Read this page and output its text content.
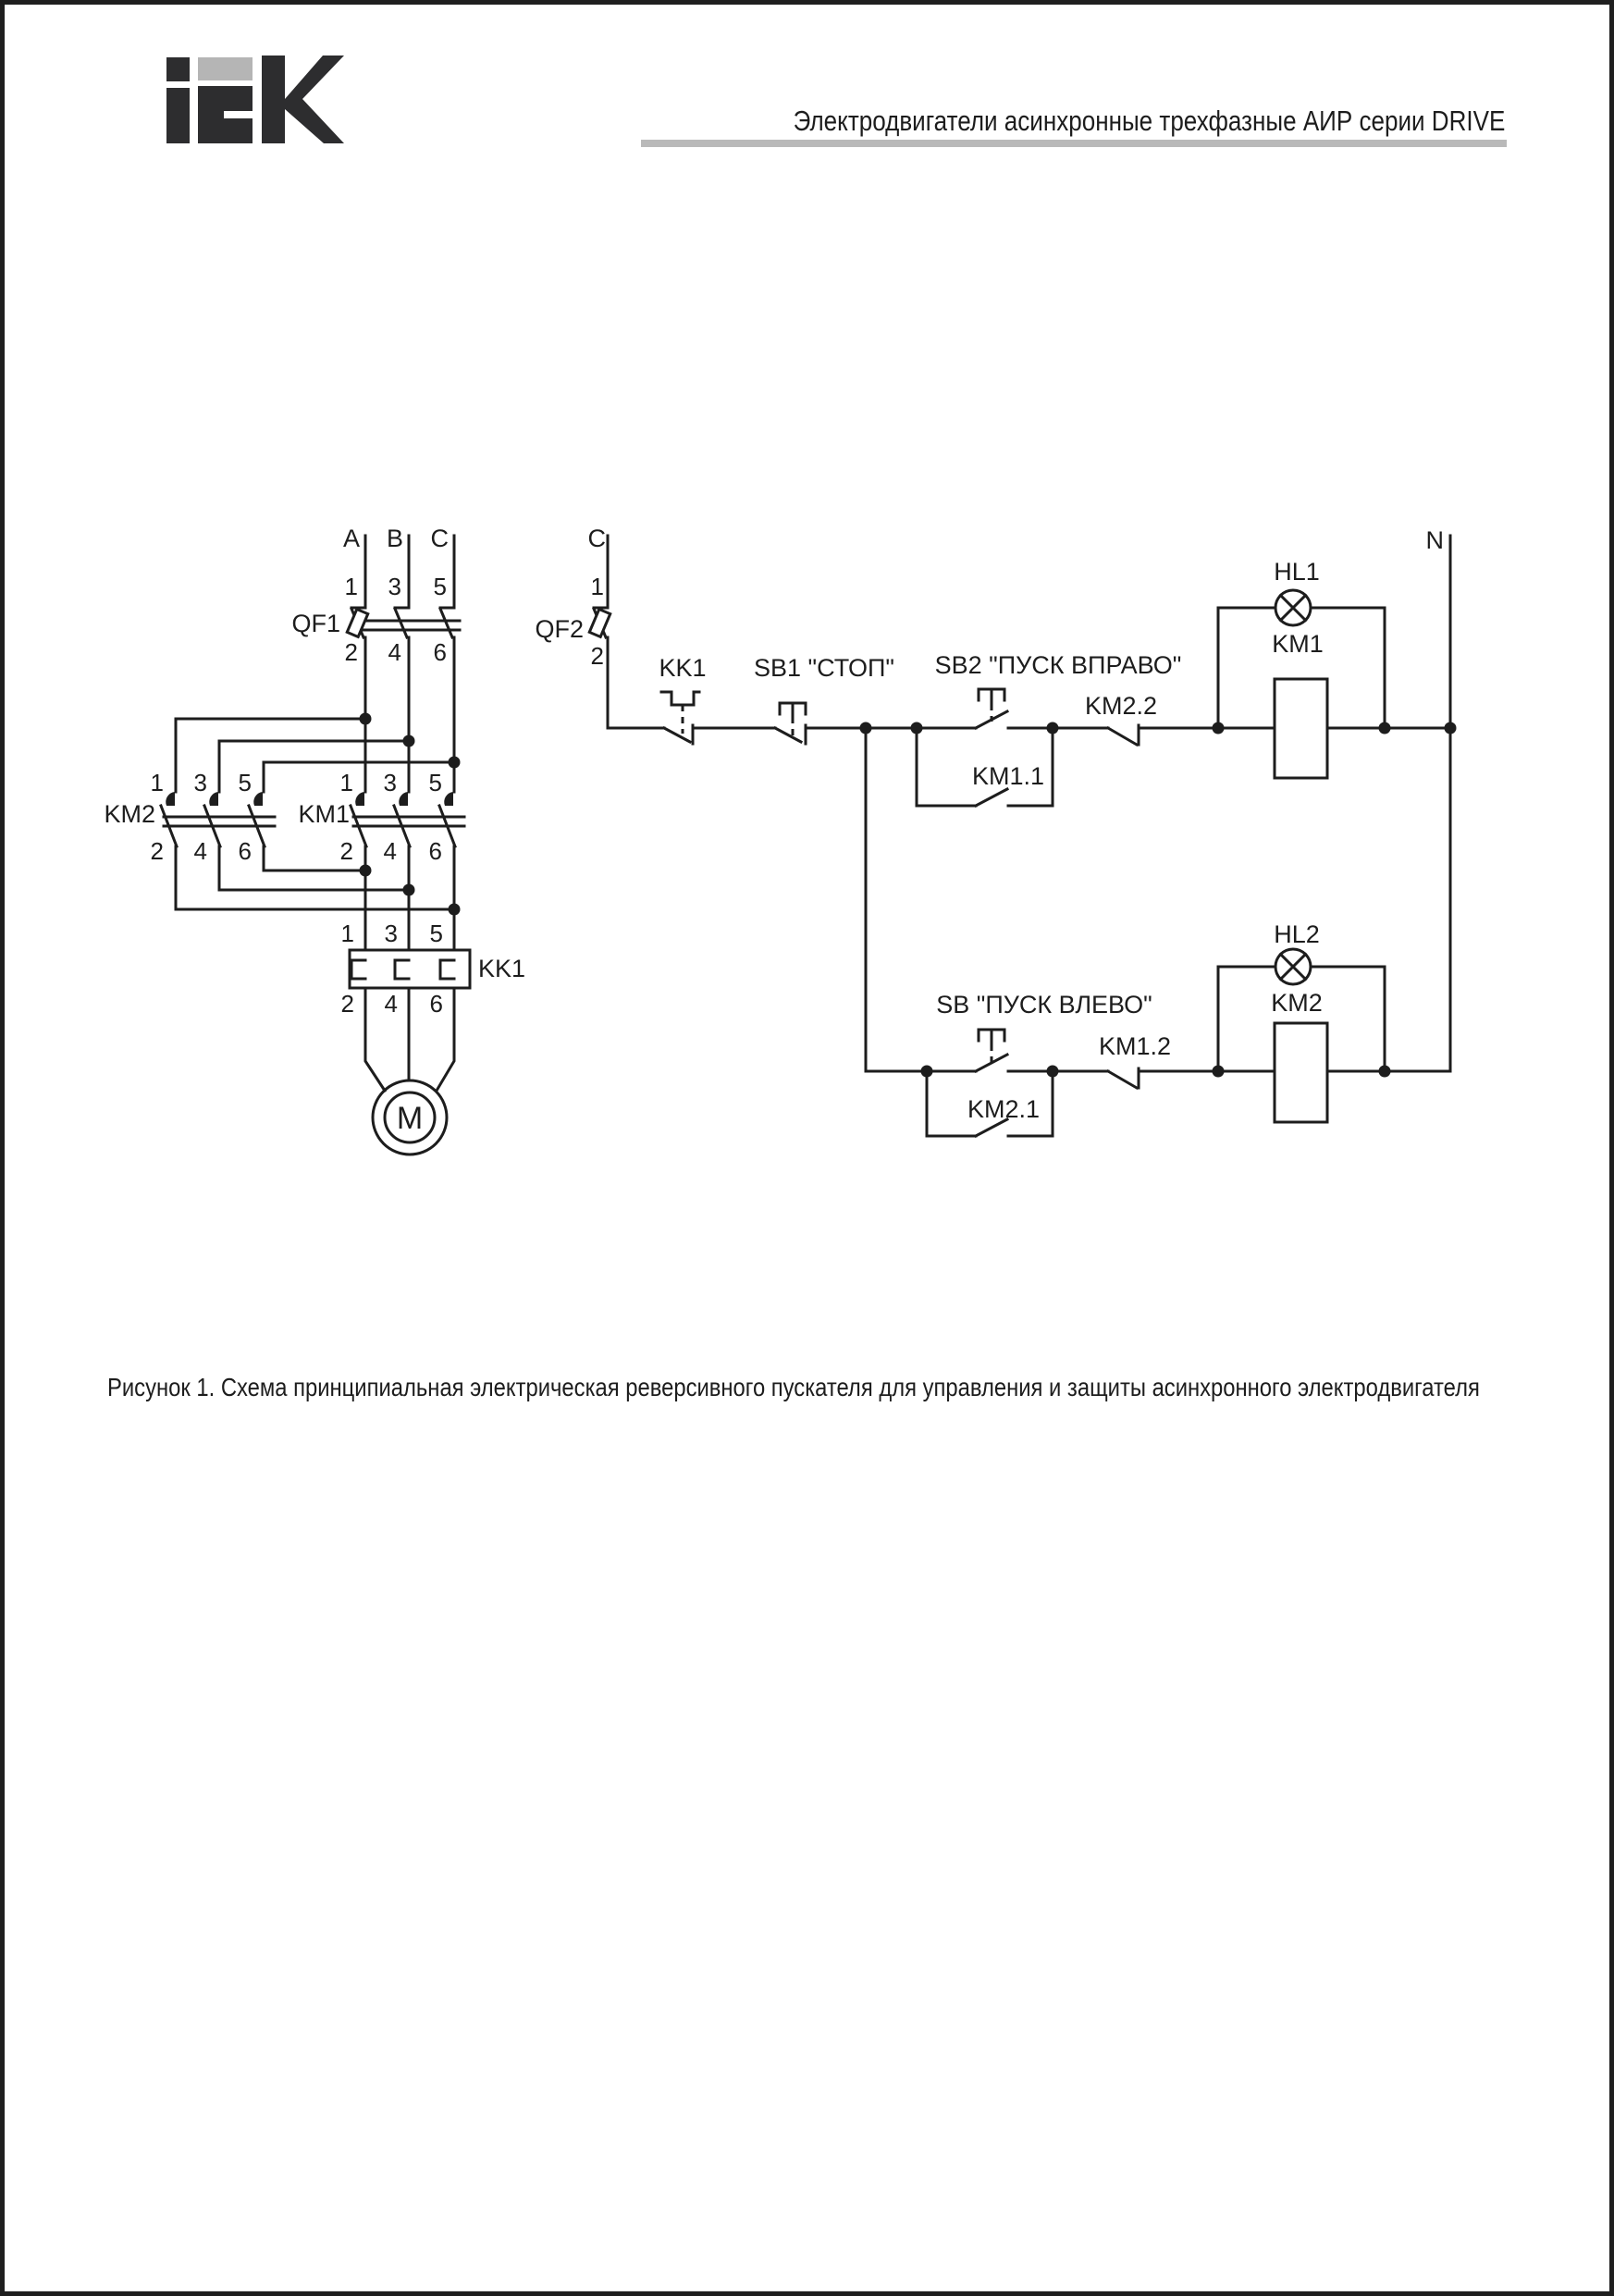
Электродвигатели асинхронные трехфазные АИР серии DRIVE
Рисунок 1. Схема принципиальная электрическая реверсивного пускателя для управления и защиты асинхронного электродвигателя
A B C
QF1
1 3 5
2 4 6
KM2
1 3 5
2 4 6
KM1
1 3 5
2 4 6
KK1
1 3 5
2 4 6
M
C
QF2
1
2 KK1 SB1 "СТОП" SB2 "ПУСК ВПРАВО"
KM1.1
KM2.2
HL1
KM1
N
SB "ПУСК ВЛЕВО"
KM2.1
KM1.2
HL2
KM2
